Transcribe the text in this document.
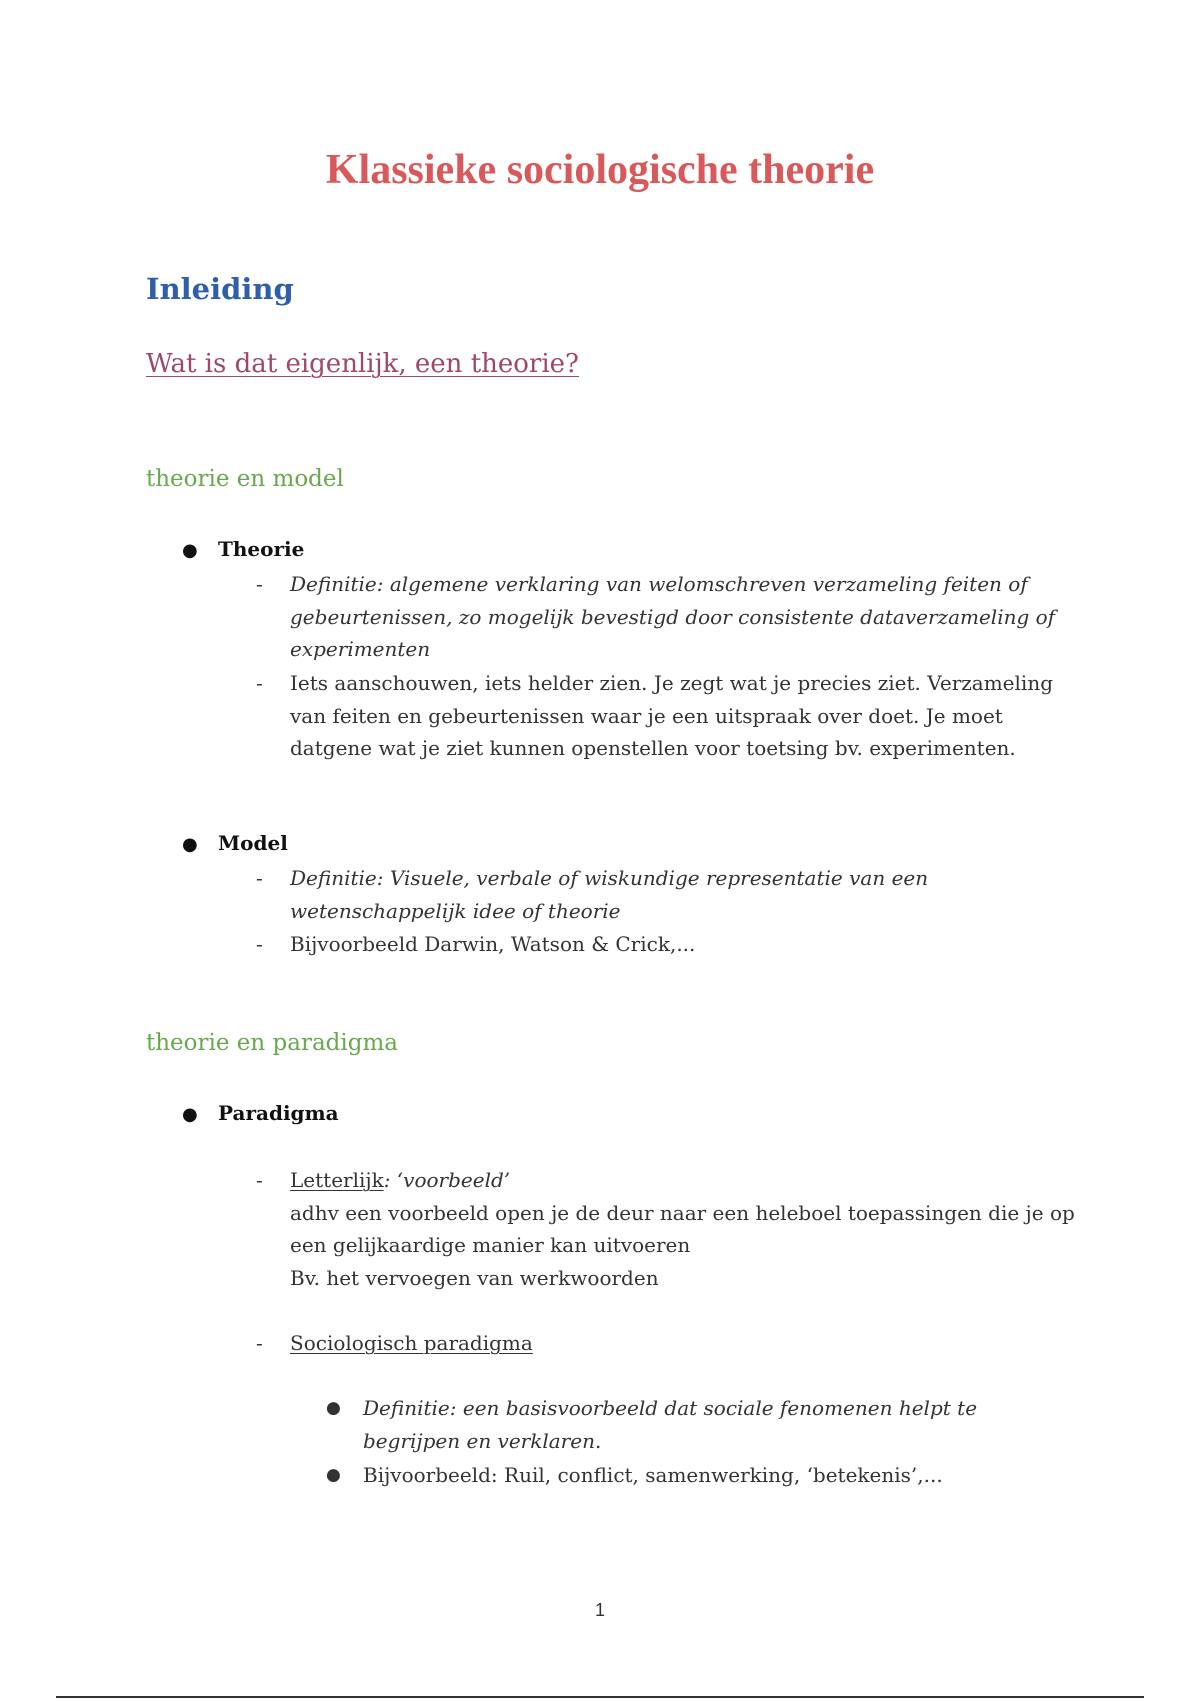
Klassieke sociologische theorie
Inleiding
Wat is dat eigenlijk, een theorie?
theorie en model
● Theorie
-	Definitie: algemene verklaring van welomschreven verzameling feiten of gebeurtenissen, zo mogelijk bevestigd door consistente dataverzameling of experimenten
-	Iets aanschouwen, iets helder zien. Je zegt wat je precies ziet. Verzameling van feiten en gebeurtenissen waar je een uitspraak over doet. Je moet datgene wat je ziet kunnen openstellen voor toetsing bv. experimenten.
● Model
-	Definitie: Visuele, verbale of wiskundige representatie van een wetenschappelijk idee of theorie
-	Bijvoorbeeld Darwin, Watson & Crick,...
theorie en paradigma
● Paradigma
-	Letterlijk: ‘voorbeeld’
adhv een voorbeeld open je de deur naar een heleboel toepassingen die je op een gelijkaardige manier kan uitvoeren
Bv. het vervoegen van werkwoorden
-	Sociologisch paradigma
● Definitie: een basisvoorbeeld dat sociale fenomenen helpt te begrijpen en verklaren.
● Bijvoorbeeld: Ruil, conflict, samenwerking, ‘betekenis’,...
1
